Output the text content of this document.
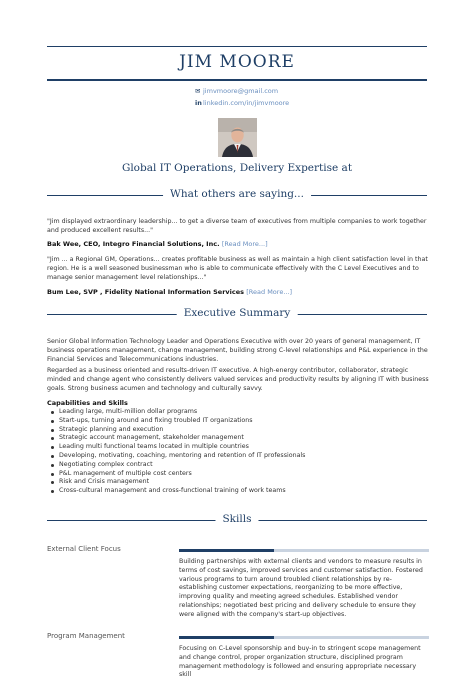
JIM MOORE
✉ jimvmoore@gmail.com
inlinkedin.com/in/jimvmoore
Global IT Operations, Delivery Expertise at
What others are saying...
"Jim displayed extraordinary leadership... to get a diverse team of executives from multiple companies to work together and produced excellent results..."
Bak Wee, CEO, Integro Financial Solutions, Inc. [Read More...]
"Jim ... a Regional GM, Operations... creates profitable business as well as maintain a high client satisfaction level in that region. He is a well seasoned businessman who is able to communicate effectively with the C Level Executives and to manage senior management level relationships..."
Bum Lee, SVP , Fidelity National Information Services [Read More...]
Executive Summary
Senior Global Information Technology Leader and Operations Executive with over 20 years of general management, IT business operations management, change management, building strong C-level relationships and P&L experience in the Financial Services and Telecommunications industries.
Regarded as a business oriented and results-driven IT executive. A high-energy contributor, collaborator, strategic minded and change agent who consistently delivers valued services and productivity results by aligning IT with business goals. Strong business acumen and technology and culturally savvy.
Capabilities and Skills
Leading large, multi-million dollar programs
Start-ups, turning around and fixing troubled IT organizations
Strategic planning and execution
Strategic account management, stakeholder management
Leading multi functional teams located in multiple countries
Developing, motivating, coaching, mentoring and retention of IT professionals
Negotiating complex contract
P&L management of multiple cost centers
Risk and Crisis management
Cross-cultural management and cross-functional training of work teams
Skills
External Client Focus
Building partnerships with external clients and vendors to measure results in terms of cost savings, improved services and customer satisfaction. Fostered various programs to turn around troubled client relationships by re-establishing customer expectations, reorganizing to be more effective, improving quality and meeting agreed schedules. Established vendor relationships; negotiated best pricing and delivery schedule to ensure they were aligned with the company's start-up objectives.
Program Management
Focusing on C-Level sponsorship and buy-in to stringent scope management and change control, proper organization structure, disciplined program management methodology is followed and ensuring appropriate necessary skill
